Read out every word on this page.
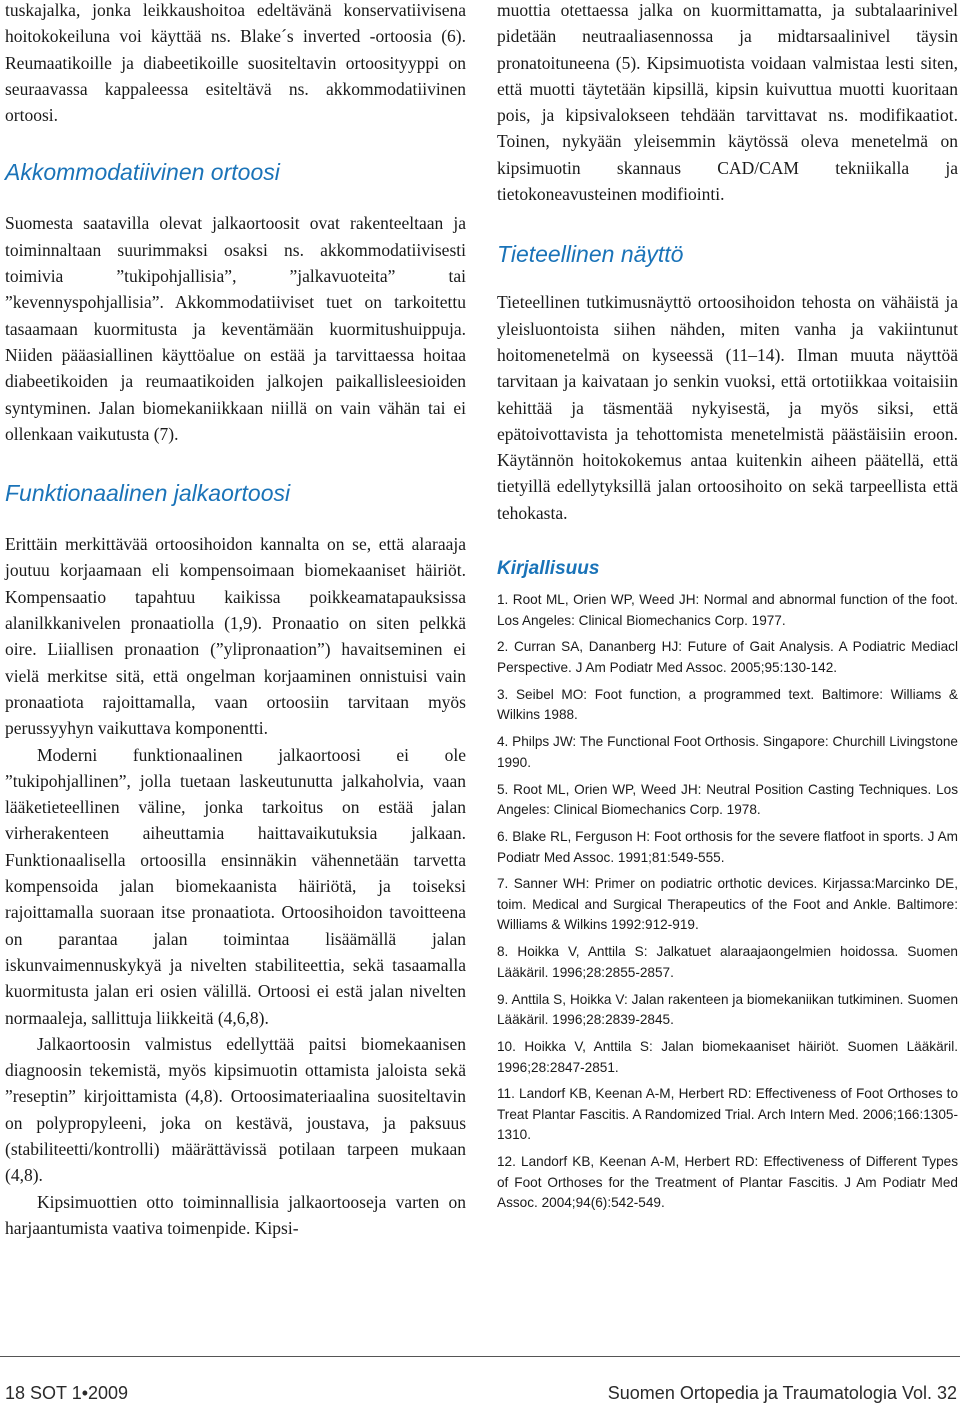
tuskajalka, jonka leikkaushoitoa edeltävänä konservatiivisena hoitokokeiluna voi käyttää ns. Blake´s inverted -ortoosia (6). Reumaatikoille ja diabeetikoille suositeltavin ortoosityyppi on seuraavassa kappaleessa esiteltävä ns. akkommodatiivinen ortoosi.

Akkommodatiivinen ortoosi

Suomesta saatavilla olevat jalkaortoosit ovat rakenteeltaan ja toiminnaltaan suurimmaksi osaksi ns. akkommodatiivisesti toimivia ”tukipohjallisia”, ”jalkavuoteita” tai ”kevennyspohjallisia”. Akkommodatiiviset tuet on tarkoitettu tasaamaan kuormitusta ja keventämään kuormitushuippuja. Niiden pääasiallinen käyttöalue on estää ja tarvittaessa hoitaa diabeetikoiden ja reumaatikoiden jalkojen paikallisleesioiden syntyminen. Jalan biomekaniikkaan niillä on vain vähän tai ei ollenkaan vaikutusta (7).

Funktionaalinen jalkaortoosi

Erittäin merkittävää ortoosihoidon kannalta on se, että alaraaja joutuu korjaamaan eli kompensoimaan biomekaaniset häiriöt. Kompensaatio tapahtuu kaikissa poikkeamatapauksissa alanilkkanivelen pronaatiolla (1,9). Pronaatio on siten pelkkä oire. Liiallisen pronaation (”ylipronaation”) havaitseminen ei vielä merkitse sitä, että ongelman korjaaminen onnistuisi vain pronaatiota rajoittamalla, vaan ortoosiin tarvitaan myös perussyyhyn vaikuttava komponentti.

Moderni funktionaalinen jalkaortoosi ei ole ”tukipohjallinen”, jolla tuetaan laskeutunutta jalkaholvia, vaan lääketieteellinen väline, jonka tarkoitus on estää jalan virherakenteen aiheuttamia haittavaikutuksia jalkaan. Funktionaalisella ortoosilla ensinnäkin vähennetään tarvetta kompensoida jalan biomekaanista häiriötä, ja toiseksi rajoittamalla suoraan itse pronaatiota. Ortoosihoidon tavoitteena on parantaa jalan toimintaa lisäämällä jalan iskunvaimennuskykyä ja nivelten stabiliteettia, sekä tasaamalla kuormitusta jalan eri osien välillä. Ortoosi ei estä jalan nivelten normaaleja, sallittuja liikkeitä (4,6,8).

Jalkaortoosin valmistus edellyttää paitsi biomekaanisen diagnoosin tekemistä, myös kipsimuotin ottamista jaloista sekä ”reseptin” kirjoittamista (4,8). Ortoosimateriaalina suositeltavin on polypropyleeni, joka on kestävä, joustava, ja paksuus (stabiliteetti/kontrolli) määrättävissä potilaan tarpeen mukaan (4,8).

Kipsimuottien otto toiminnallisia jalkaortooseja varten on harjaantumista vaativa toimenpide. Kipsi-

muottia otettaessa jalka on kuormittamatta, ja subtalaarinivel pidetään neutraaliasennossa ja midtarsaalinivel täysin pronatoituneena (5). Kipsimuotista voidaan valmistaa lesti siten, että muotti täytetään kipsillä, kipsin kuivuttua muotti kuoritaan pois, ja kipsivalokseen tehdään tarvittavat ns. modifikaatiot. Toinen, nykyään yleisemmin käytössä oleva menetelmä on kipsimuotin skannaus CAD/CAM tekniikalla ja tietokoneavusteinen modifiointi.

Tieteellinen näyttö

Tieteellinen tutkimusnäyttö ortoosihoidon tehosta on vähäistä ja yleisluontoista siihen nähden, miten vanha ja vakiintunut hoitomenetelmä on kyseessä (11–14). Ilman muuta näyttöä tarvitaan ja kaivataan jo senkin vuoksi, että ortotiikkaa voitaisiin kehittää ja täsmentää nykyisestä, ja myös siksi, että epätoivottavista ja tehottomista menetelmistä päästäisiin eroon. Käytännön hoitokokemus antaa kuitenkin aiheen päätellä, että tietyillä edellytyksillä jalan ortoosihoito on sekä tarpeellista että tehokasta.

Kirjallisuus
1. Root ML, Orien WP, Weed JH: Normal and abnormal function of the foot. Los Angeles: Clinical Biomechanics Corp. 1977.
2. Curran SA, Dananberg HJ: Future of Gait Analysis. A Podiatric Mediacl Perspective. J Am Podiatr Med Assoc. 2005;95:130-142.
3. Seibel MO: Foot function, a programmed text. Baltimore: Williams & Wilkins 1988.
4. Philps JW: The Functional Foot Orthosis. Singapore: Churchill Livingstone 1990.
5. Root ML, Orien WP, Weed JH: Neutral Position Casting Techniques. Los Angeles: Clinical Biomechanics Corp. 1978.
6. Blake RL, Ferguson H: Foot orthosis for the severe flatfoot in sports. J Am Podiatr Med Assoc. 1991;81:549-555.
7. Sanner WH: Primer on podiatric orthotic devices. Kirjassa:Marcinko DE, toim. Medical and Surgical Therapeutics of the Foot and Ankle. Baltimore: Williams & Wilkins 1992:912-919.
8. Hoikka V, Anttila S: Jalkatuet alaraajaongelmien hoidossa. Suomen Lääkäril. 1996;28:2855-2857.
9. Anttila S, Hoikka V: Jalan rakenteen ja biomekaniikan tutkiminen. Suomen Lääkäril. 1996;28:2839-2845.
10. Hoikka V, Anttila S: Jalan biomekaaniset häiriöt. Suomen Lääkäril. 1996;28:2847-2851.
11. Landorf KB, Keenan A-M, Herbert RD: Effectiveness of Foot Orthoses to Treat Plantar Fascitis. A Randomized Trial. Arch Intern Med. 2006;166:1305-1310.
12. Landorf KB, Keenan A-M, Herbert RD: Effectiveness of Different Types of Foot Orthoses for the Treatment of Plantar Fascitis. J Am Podiatr Med Assoc. 2004;94(6):542-549.
18 SOT 1•2009	Suomen Ortopedia ja Traumatologia Vol. 32
